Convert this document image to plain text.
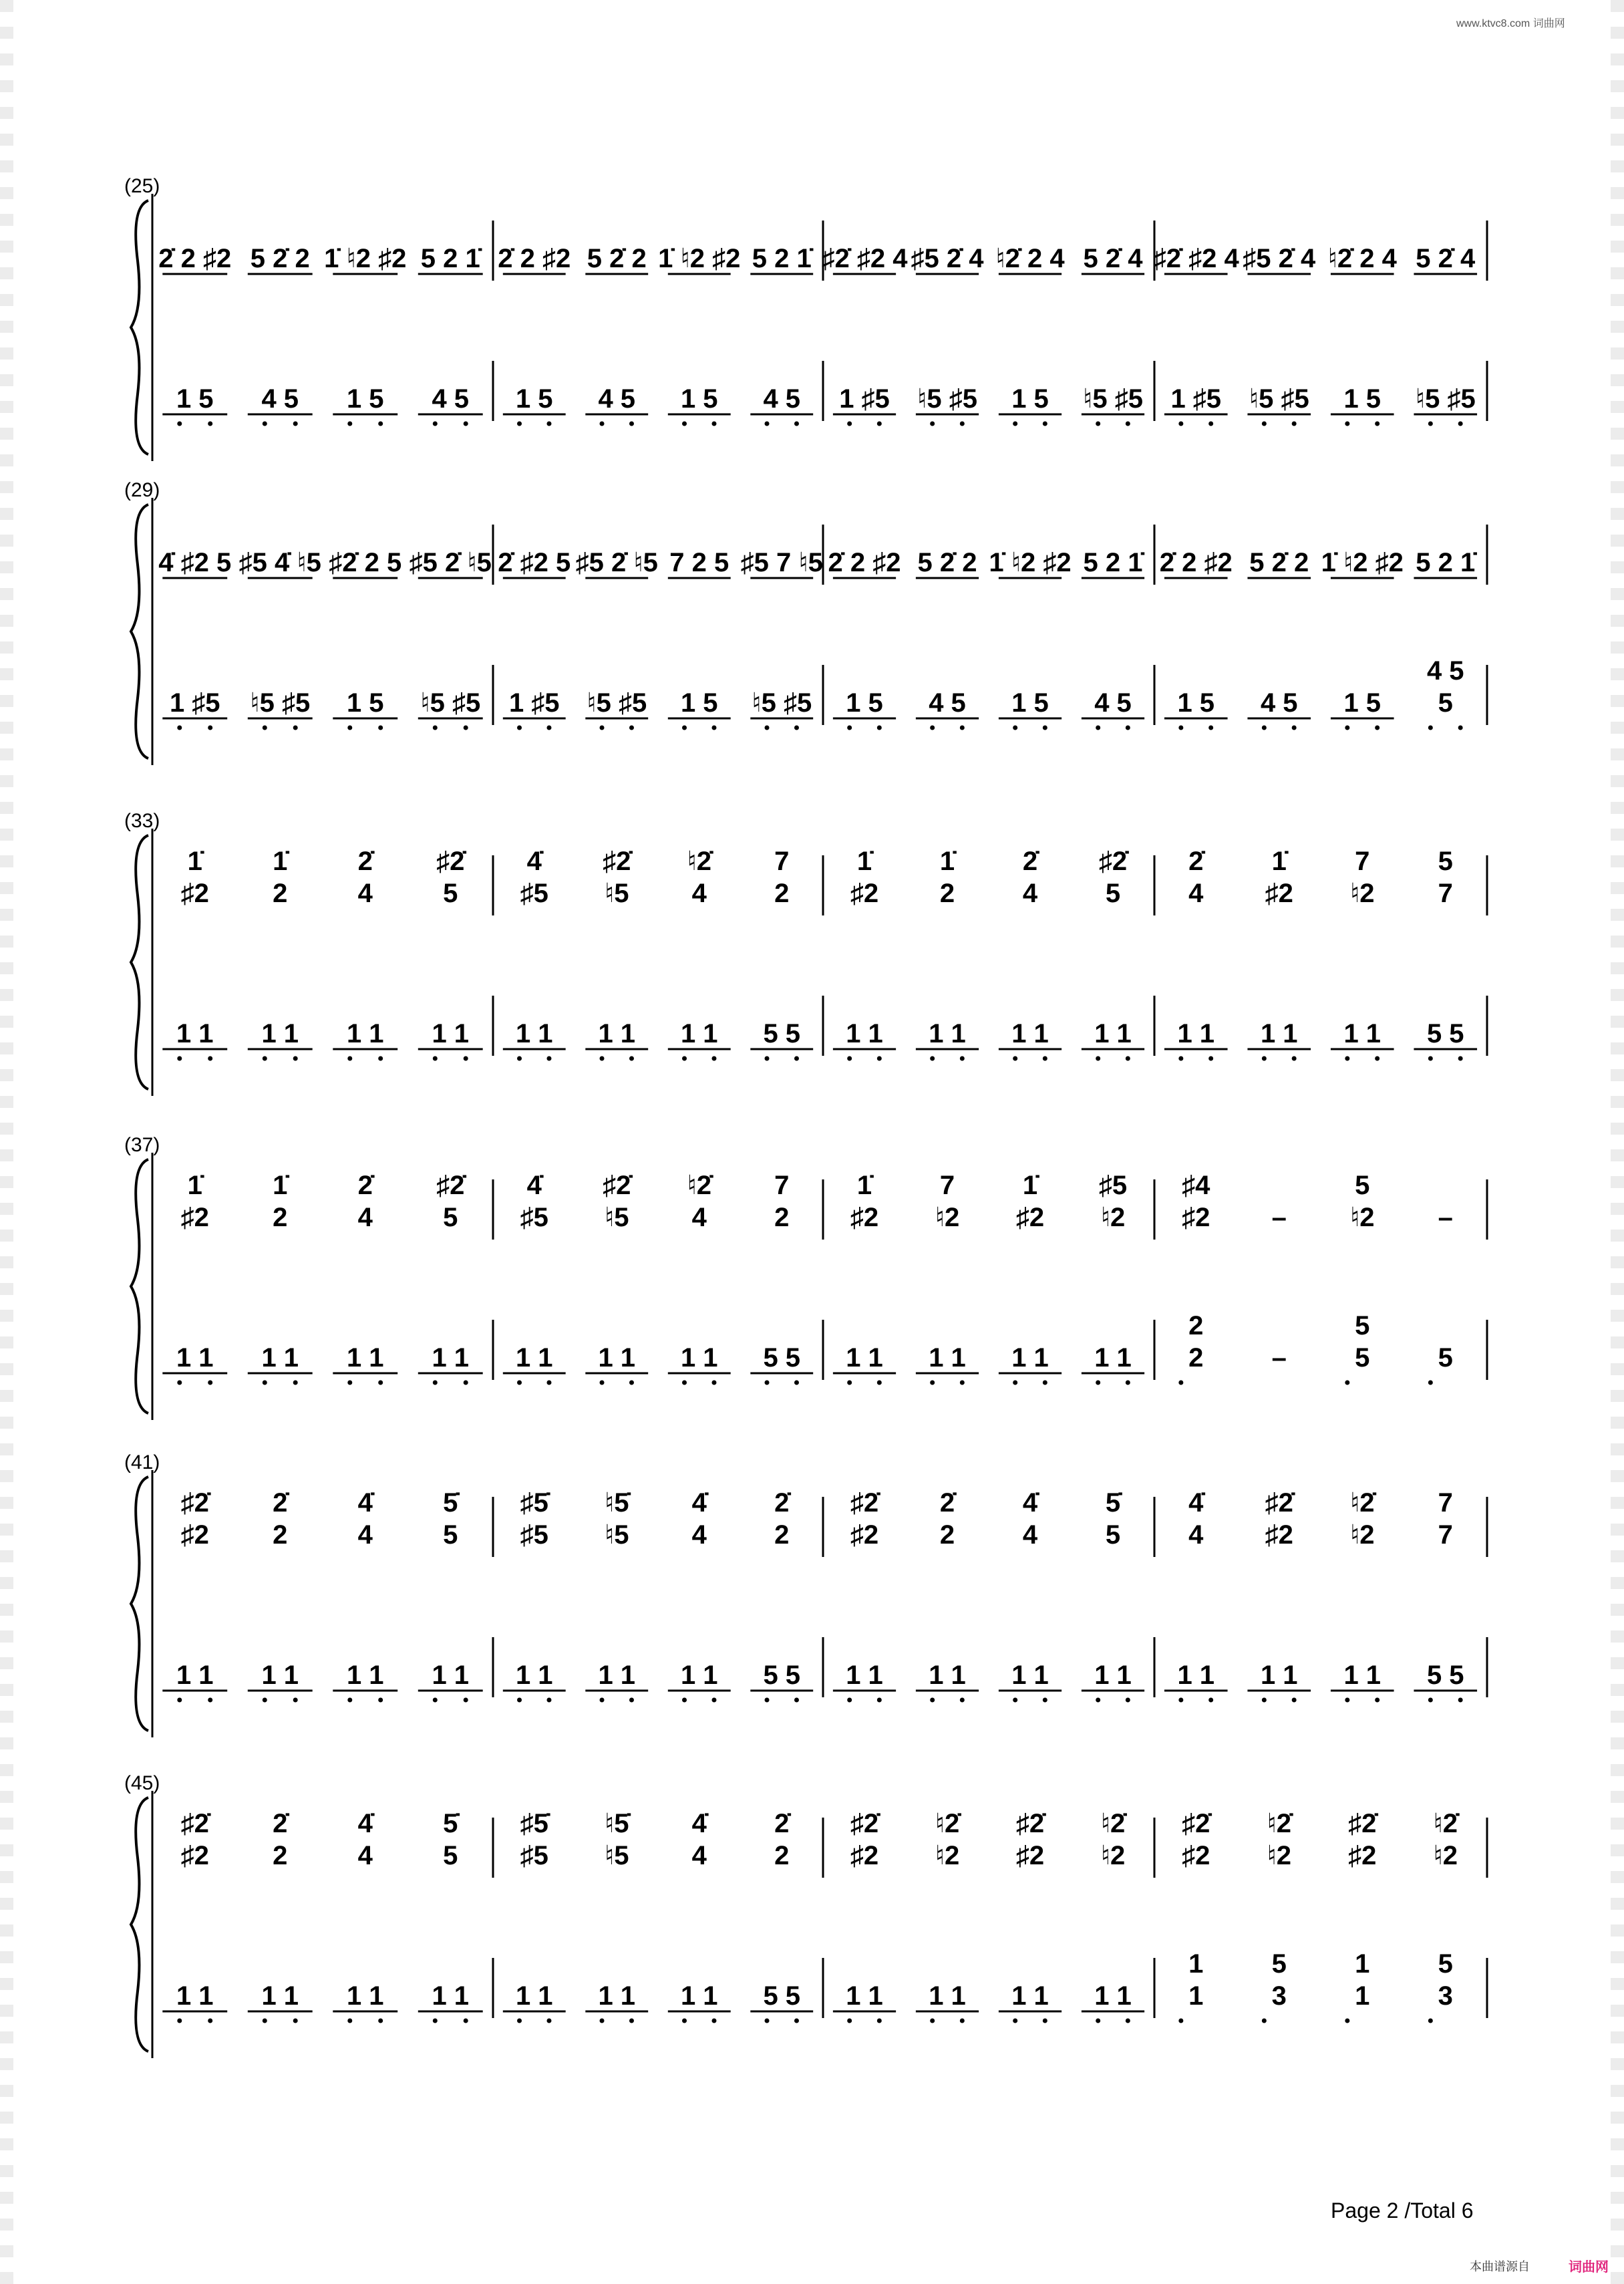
www.ktvc8.com 词曲网
(25)
2̇ 2 ♯2 5 2̇ 2 1̇ ♮2 ♯2 5 2 1̇
1 5 4 5 1 5 4 5
2̇ 2 ♯2 5 2̇ 2 1̇ ♮2 ♯2 5 2 1̇
1 5 4 5 1 5 4 5
♯2̇ ♯2 4 ♯5 2̇ 4 ♮2̇ 2 4 5 2̇ 4
1 ♯5 ♮5 ♯5 1 5 ♮5 ♯5
♯2̇ ♯2 4 ♯5 2̇ 4 ♮2̇ 2 4 5 2̇ 4
1 ♯5 ♮5 ♯5 1 5 ♮5 ♯5
(29)
4̇ ♯2 5 ♯5 4̇ ♮5 ♯2̇ 2 5 ♯5 2̇ ♮5
1 ♯5 ♮5 ♯5 1 5 ♮5 ♯5
2̇ ♯2 5 ♯5 2̇ ♮5 7 2 5 ♯5 7 ♮5
1 ♯5 ♮5 ♯5 1 5 ♮5 ♯5
2̇ 2 ♯2 5 2̇ 2 1̇ ♮2 ♯2 5 2 1̇
1 5 4 5 1 5 4 5
2̇ 2 ♯2 5 2̇ 2 1̇ ♮2 ♯2 5 2 1̇
1 5 4 5 1 5
4 5
5
(33)
1̇
♯2
1̇
2
2̇
4
♯2̇
5
1 1 1 1 1 1 1 1
4̇
♯5
♯2̇
♮5
♮2̇
4
7
2
1 1 1 1 1 1 5 5
1̇
♯2
1̇
2
2̇
4
♯2̇
5
1 1 1 1 1 1 1 1
2̇
4
1̇
♯2
7
♮2
5
7
1 1 1 1 1 1 5 5
(37)
1̇
♯2
1̇
2
2̇
4
♯2̇
5
1 1 1 1 1 1 1 1
4̇
♯5
♯2̇
♮5
♮2̇
4
7
2
1 1 1 1 1 1 5 5
1̇
♯2
7
♮2
1̇
♯2
♯5
♮2
1 1 1 1 1 1 1 1
♯4
♯2 –
5
♮2 –
2
2	–
5
5	5
(41)
♯2̇
♯2
2̇
2
4̇
4
5̇
5
1 1 1 1 1 1 1 1
♯5̇
♯5
♮5̇
♮5
4̇
4
2̇
2
1 1 1 1 1 1 5 5
♯2̇
♯2
2̇
2
4̇
4
5̇
5
1 1 1 1 1 1 1 1
4̇
4
♯2̇
♯2
♮2̇
♮2
7
7
1 1 1 1 1 1 5 5
(45)
♯2̇
♯2
2̇
2
4̇
4
5̇
5
1 1 1 1 1 1 1 1
♯5̇
♯5
♮5̇
♮5
4̇
4
2̇
2
1 1 1 1 1 1 5 5
♯2̇
♯2
♮2̇
♮2
♯2̇
♯2
♮2̇
♮2
1 1 1 1 1 1 1 1
♯2̇
♯2
♮2̇
♮2
♯2̇
♯2
♮2̇
♮2
1
1
5
3
1
1
5
3
Page 2 /Total 6
本曲谱源自	词曲网
